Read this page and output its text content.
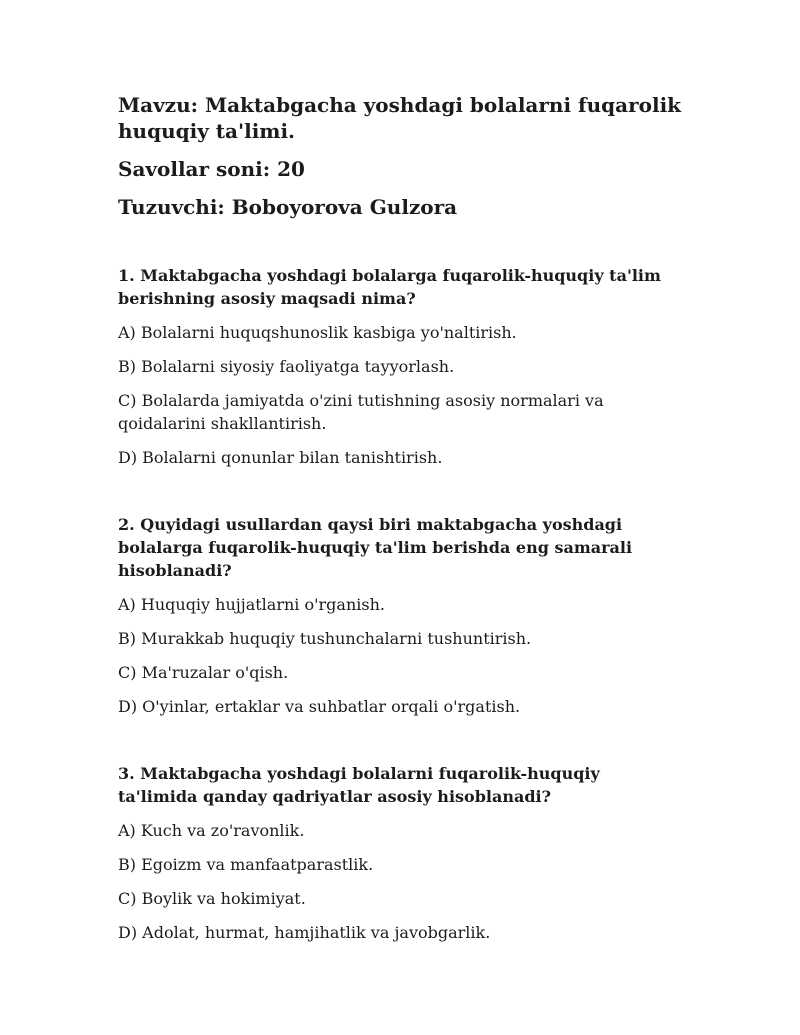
Mavzu: Maktabgacha yoshdagi bolalarni fuqarolik huquqiy ta'limi.

Savollar soni: 20

Tuzuvchi: Boboyorova Gulzora

1. Maktabgacha yoshdagi bolalarga fuqarolik-huquqiy ta'lim berishning asosiy maqsadi nima?

A) Bolalarni huquqshunoslik kasbiga yo'naltirish.

B) Bolalarni siyosiy faoliyatga tayyorlash.

C) Bolalarda jamiyatda o'zini tutishning asosiy normalari va qoidalarini shakllantirish.

D) Bolalarni qonunlar bilan tanishtirish.

2. Quyidagi usullardan qaysi biri maktabgacha yoshdagi bolalarga fuqarolik-huquqiy ta'lim berishda eng samarali hisoblanadi?

A) Huquqiy hujjatlarni o'rganish.

B) Murakkab huquqiy tushunchalarni tushuntirish.

C) Ma'ruzalar o'qish.

D) O'yinlar, ertaklar va suhbatlar orqali o'rgatish.

3. Maktabgacha yoshdagi bolalarni fuqarolik-huquqiy ta'limida qanday qadriyatlar asosiy hisoblanadi?

A) Kuch va zo'ravonlik.

B) Egoizm va manfaatparastlik.

C) Boylik va hokimiyat.

D) Adolat, hurmat, hamjihatlik va javobgarlik.
